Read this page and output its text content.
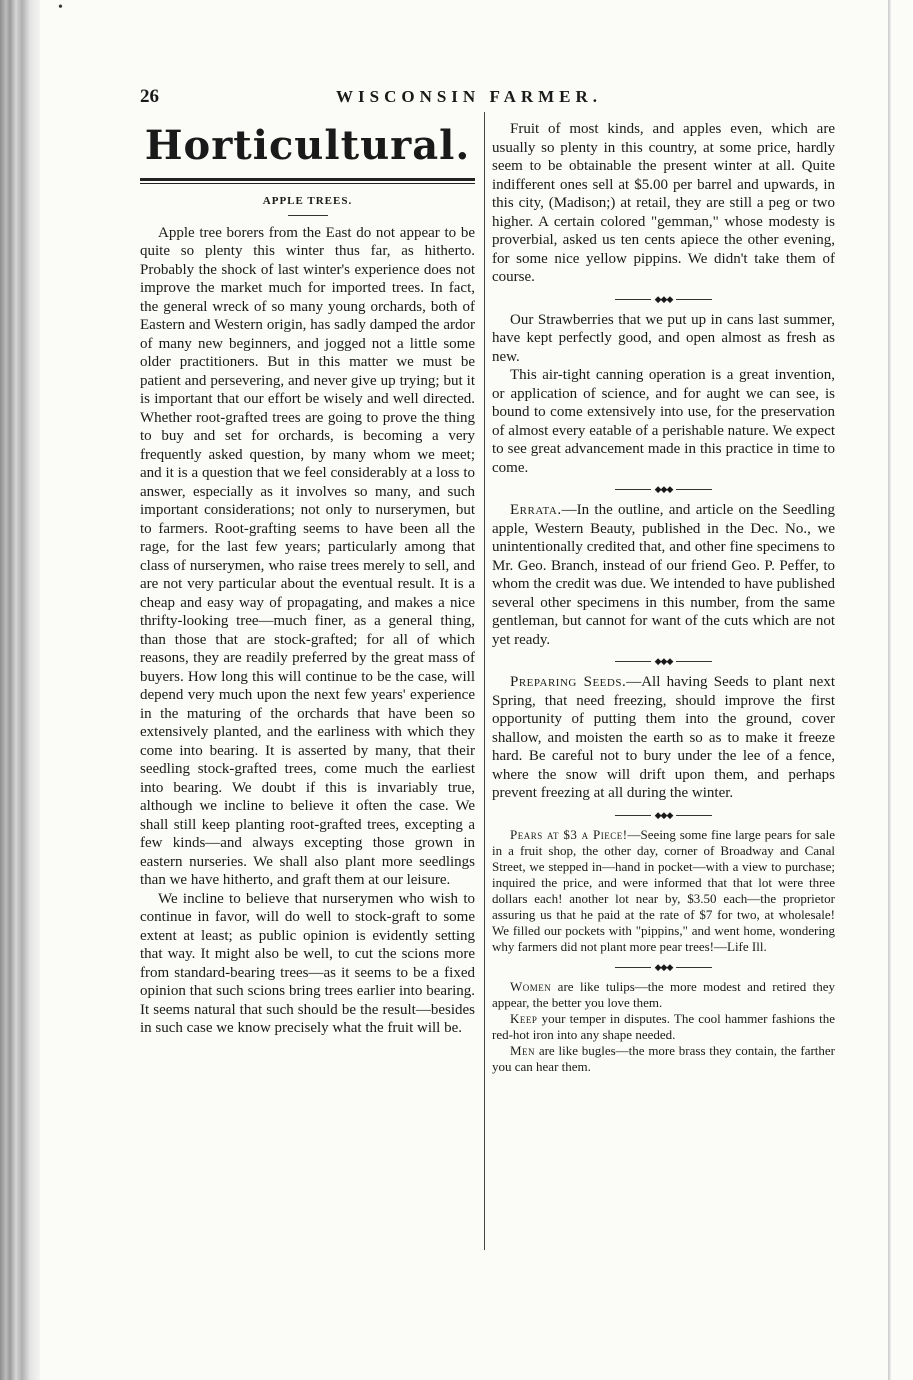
•
26	WISCONSIN FARMER.
Horticultural.
APPLE TREES.

Apple tree borers from the East do not appear to be quite so plenty this winter thus far, as hitherto. Probably the shock of last winter's experience does not improve the market much for imported trees. In fact, the general wreck of so many young orchards, both of Eastern and Western origin, has sadly damped the ardor of many new beginners, and jogged not a little some older practitioners. But in this matter we must be patient and persevering, and never give up trying; but it is important that our effort be wisely and well directed. Whether root-grafted trees are going to prove the thing to buy and set for orchards, is becoming a very frequently asked question, by many whom we meet; and it is a question that we feel considerably at a loss to answer, especially as it involves so many, and such important considerations; not only to nurserymen, but to farmers. Root-grafting seems to have been all the rage, for the last few years; particularly among that class of nurserymen, who raise trees merely to sell, and are not very particular about the eventual result. It is a cheap and easy way of propagating, and makes a nice thrifty-looking tree—much finer, as a general thing, than those that are stock-grafted; for all of which reasons, they are readily preferred by the great mass of buyers. How long this will continue to be the case, will depend very much upon the next few years' experience in the maturing of the orchards that have been so extensively planted, and the earliness with which they come into bearing. It is asserted by many, that their seedling stock-grafted trees, come much the earliest into bearing. We doubt if this is invariably true, although we incline to believe it often the case. We shall still keep planting root-grafted trees, excepting a few kinds—and always excepting those grown in eastern nurseries. We shall also plant more seedlings than we have hitherto, and graft them at our leisure.

We incline to believe that nurserymen who wish to continue in favor, will do well to stock-graft to some extent at least; as public opinion is evidently setting that way. It might also be well, to cut the scions more from standard-bearing trees—as it seems to be a fixed opinion that such scions bring trees earlier into bearing. It seems natural that such should be the result—besides in such case we know precisely what the fruit will be.

Fruit of most kinds, and apples even, which are usually so plenty in this country, at some price, hardly seem to be obtainable the present winter at all. Quite indifferent ones sell at $5.00 per barrel and upwards, in this city, (Madison;) at retail, they are still a peg or two higher. A certain colored "gemman," whose modesty is proverbial, asked us ten cents apiece the other evening, for some nice yellow pippins. We didn't take them of course.

◆◆◆

Our Strawberries that we put up in cans last summer, have kept perfectly good, and open almost as fresh as new.

This air-tight canning operation is a great invention, or application of science, and for aught we can see, is bound to come extensively into use, for the preservation of almost every eatable of a perishable nature. We expect to see great advancement made in this practice in time to come.

◆◆◆

Errata.—In the outline, and article on the Seedling apple, Western Beauty, published in the Dec. No., we unintentionally credited that, and other fine specimens to Mr. Geo. Branch, instead of our friend Geo. P. Peffer, to whom the credit was due. We intended to have published several other specimens in this number, from the same gentleman, but cannot for want of the cuts which are not yet ready.

◆◆◆

Preparing Seeds.—All having Seeds to plant next Spring, that need freezing, should improve the first opportunity of putting them into the ground, cover shallow, and moisten the earth so as to make it freeze hard. Be careful not to bury under the lee of a fence, where the snow will drift upon them, and perhaps prevent freezing at all during the winter.

◆◆◆

Pears at $3 a Piece!—Seeing some fine large pears for sale in a fruit shop, the other day, corner of Broadway and Canal Street, we stepped in—hand in pocket—with a view to purchase; inquired the price, and were informed that that lot were three dollars each! another lot near by, $3.50 each—the proprietor assuring us that he paid at the rate of $7 for two, at wholesale! We filled our pockets with "pippins," and went home, wondering why farmers did not plant more pear trees!—Life Ill.

◆◆◆

Women are like tulips—the more modest and retired they appear, the better you love them.

Keep your temper in disputes. The cool hammer fashions the red-hot iron into any shape needed.

Men are like bugles—the more brass they contain, the farther you can hear them.
